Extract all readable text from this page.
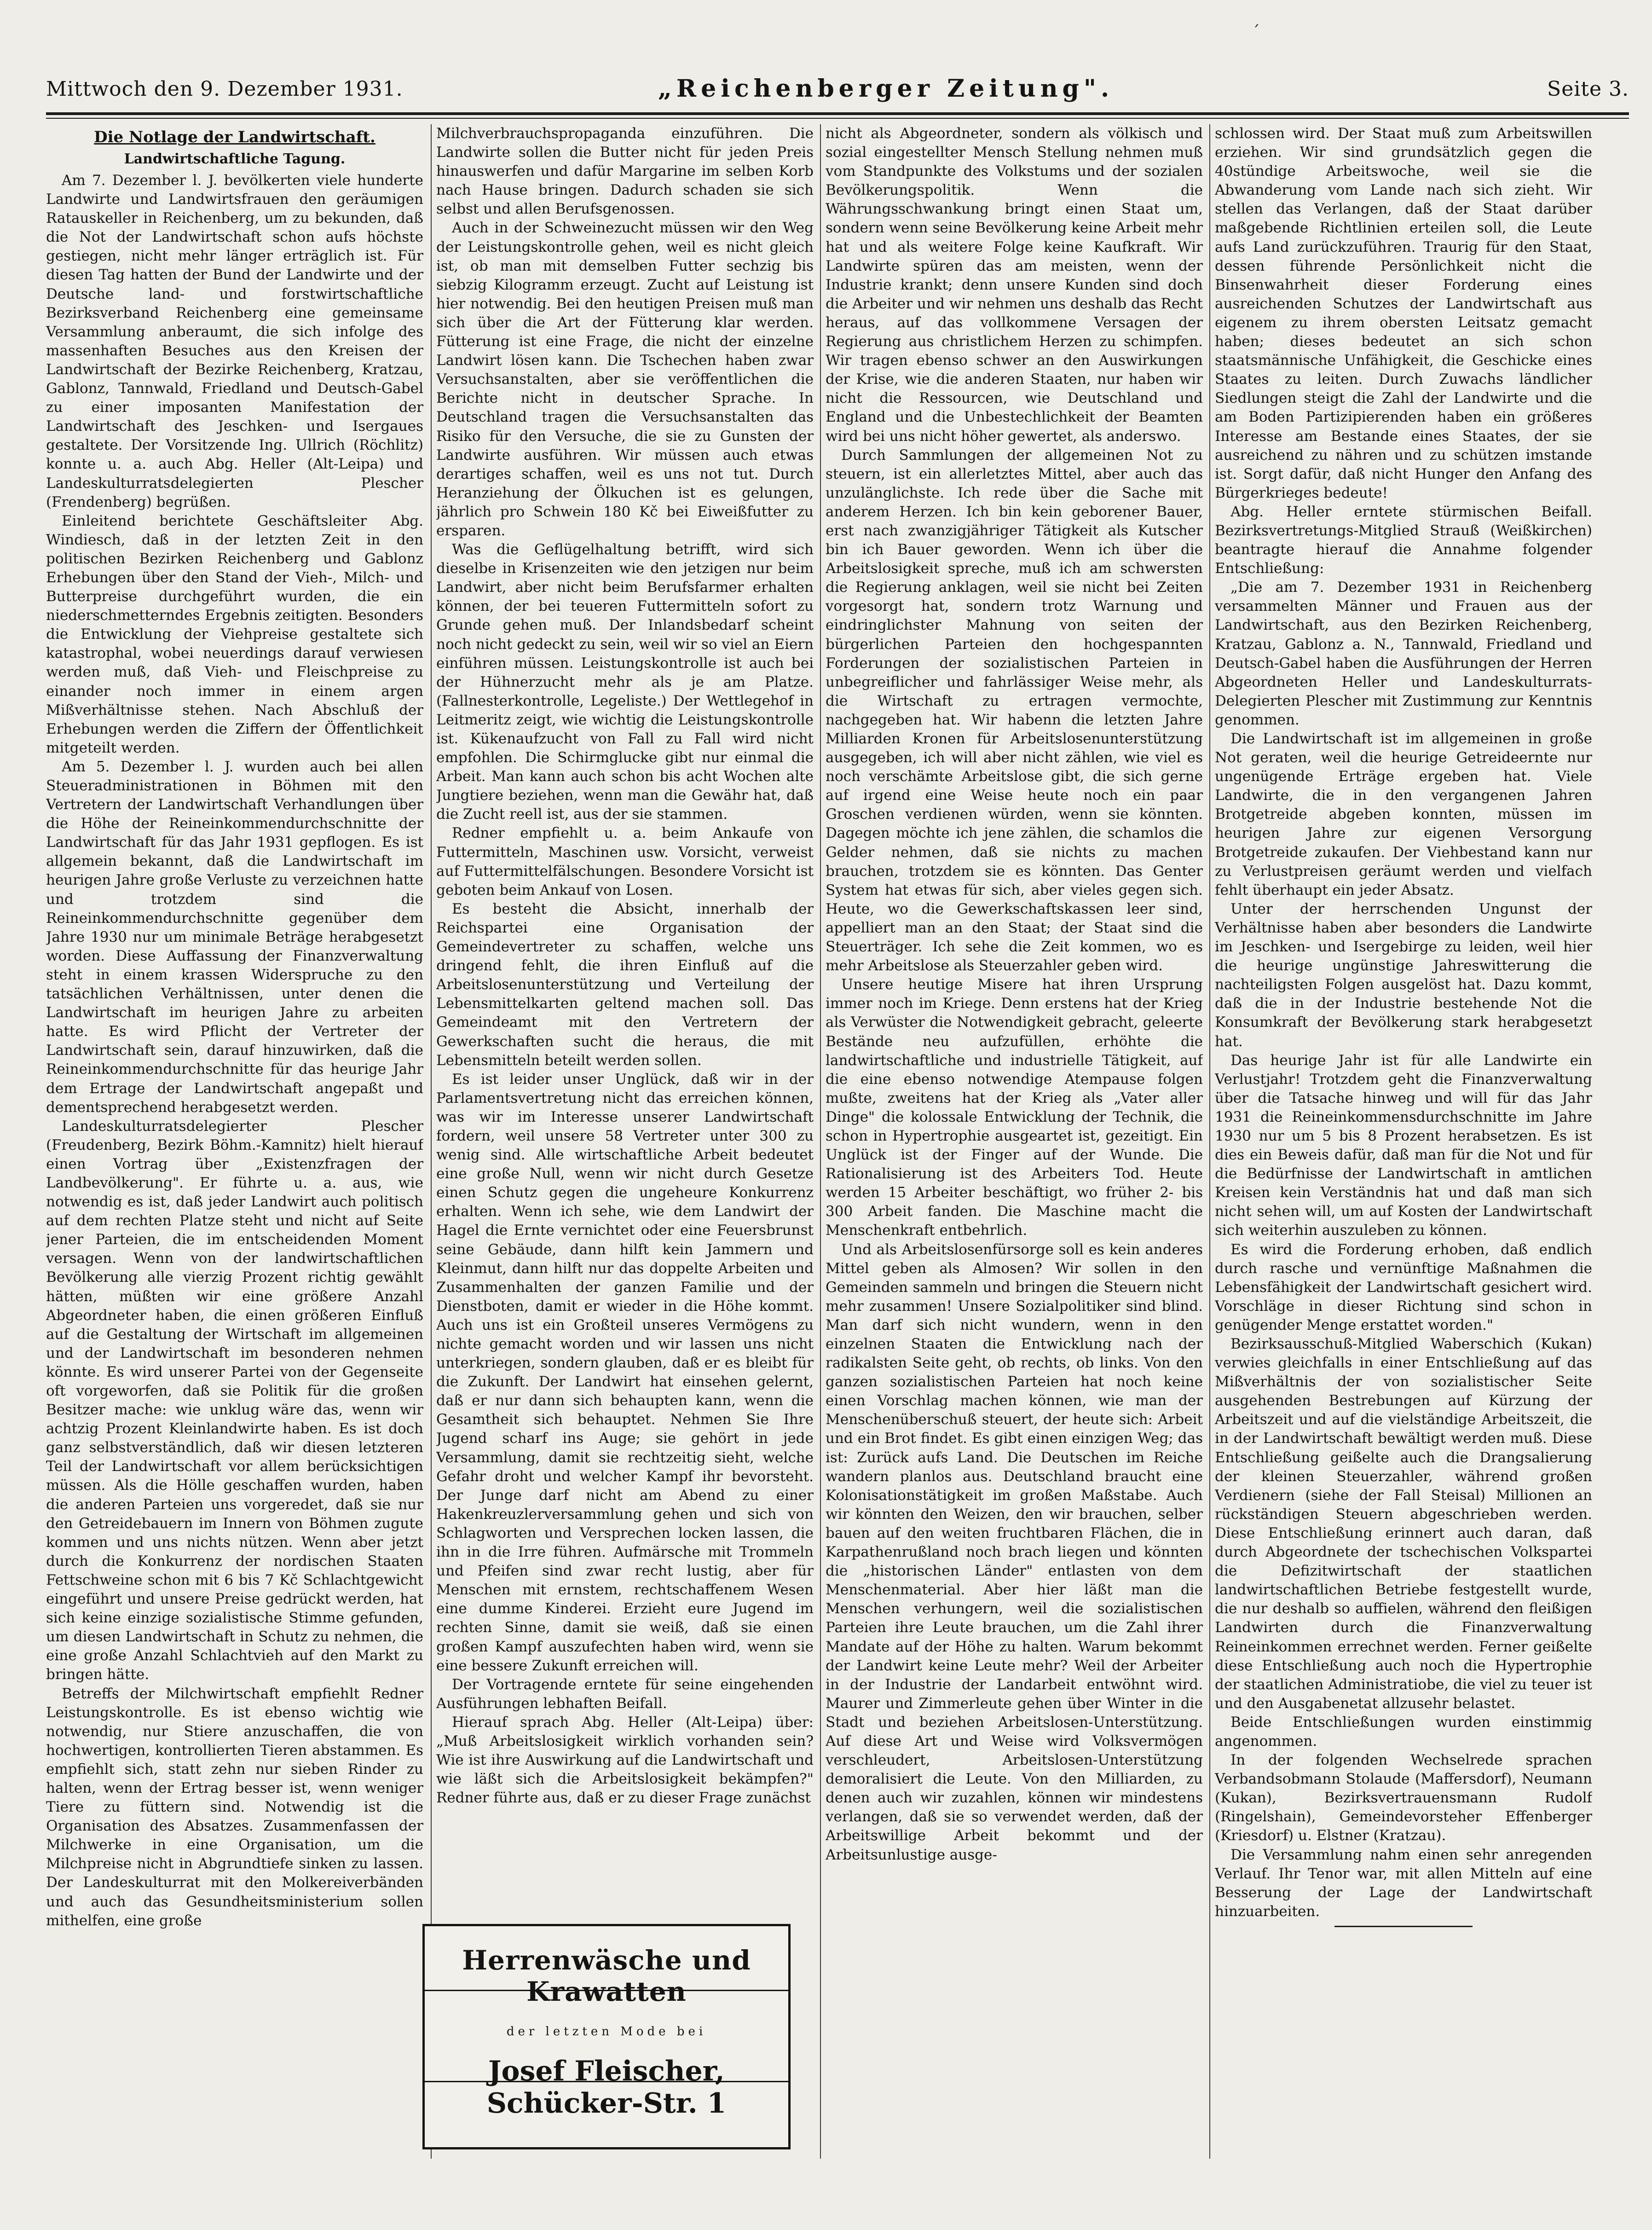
ˊ
Mittwoch den 9. Dezember 1931.	„Reichenberger Zeitung".	Seite 3.
Die Notlage der Landwirtschaft.
Landwirtschaftliche Tagung.

Am 7. Dezember l. J. bevölkerten viele hunderte Landwirte und Landwirtsfrauen den geräumigen Ratauskeller in Reichenberg, um zu bekunden, daß die Not der Landwirtschaft schon aufs höchste gestiegen, nicht mehr länger erträglich ist. Für diesen Tag hatten der Bund der Landwirte und der Deutsche land- und forstwirtschaftliche Bezirksverband Reichenberg eine gemeinsame Versammlung anberaumt, die sich infolge des massenhaften Besuches aus den Kreisen der Landwirtschaft der Bezirke Reichenberg, Kratzau, Gablonz, Tannwald, Friedland und Deutsch-Gabel zu einer imposanten Manifestation der Landwirtschaft des Jeschken- und Isergaues gestaltete. Der Vorsitzende Ing. Ullrich (Röchlitz) konnte u. a. auch Abg. Heller (Alt-Leipa) und Landeskulturratsdelegierten Plescher (Frendenberg) begrüßen.

Einleitend berichtete Geschäftsleiter Abg. Windiesch, daß in der letzten Zeit in den politischen Bezirken Reichenberg und Gablonz Erhebungen über den Stand der Vieh-, Milch- und Butterpreise durchgeführt wurden, die ein niederschmetterndes Ergebnis zeitigten. Besonders die Entwicklung der Viehpreise gestaltete sich katastrophal, wobei neuerdings darauf verwiesen werden muß, daß Vieh- und Fleischpreise zu einander noch immer in einem argen Mißverhältnisse stehen. Nach Abschluß der Erhebungen werden die Ziffern der Öffentlichkeit mitgeteilt werden.

Am 5. Dezember l. J. wurden auch bei allen Steueradministrationen in Böhmen mit den Vertretern der Landwirtschaft Verhandlungen über die Höhe der Reineinkommendurchschnitte der Landwirtschaft für das Jahr 1931 gepflogen. Es ist allgemein bekannt, daß die Landwirtschaft im heurigen Jahre große Verluste zu verzeichnen hatte und trotzdem sind die Reineinkommendurchschnitte gegenüber dem Jahre 1930 nur um minimale Beträge herabgesetzt worden. Diese Auffassung der Finanzverwaltung steht in einem krassen Widerspruche zu den tatsächlichen Verhältnissen, unter denen die Landwirtschaft im heurigen Jahre zu arbeiten hatte. Es wird Pflicht der Vertreter der Landwirtschaft sein, darauf hinzuwirken, daß die Reineinkommendurchschnitte für das heurige Jahr dem Ertrage der Landwirtschaft angepaßt und dementsprechend herabgesetzt werden.

Landeskulturratsdelegierter Plescher (Freudenberg, Bezirk Böhm.-Kamnitz) hielt hierauf einen Vortrag über „Existenzfragen der Landbevölkerung". Er führte u. a. aus, wie notwendig es ist, daß jeder Landwirt auch politisch auf dem rechten Platze steht und nicht auf Seite jener Parteien, die im entscheidenden Moment versagen. Wenn von der landwirtschaftlichen Bevölkerung alle vierzig Prozent richtig gewählt hätten, müßten wir eine größere Anzahl Abgeordneter haben, die einen größeren Einfluß auf die Gestaltung der Wirtschaft im allgemeinen und der Landwirtschaft im besonderen nehmen könnte. Es wird unserer Partei von der Gegenseite oft vorgeworfen, daß sie Politik für die großen Besitzer mache: wie unklug wäre das, wenn wir achtzig Prozent Kleinlandwirte haben. Es ist doch ganz selbstverständlich, daß wir diesen letzteren Teil der Landwirtschaft vor allem berücksichtigen müssen. Als die Hölle geschaffen wurden, haben die anderen Parteien uns vorgeredet, daß sie nur den Getreidebauern im Innern von Böhmen zugute kommen und uns nichts nützen. Wenn aber jetzt durch die Konkurrenz der nordischen Staaten Fettschweine schon mit 6 bis 7 Kč Schlachtgewicht eingeführt und unsere Preise gedrückt werden, hat sich keine einzige sozialistische Stimme gefunden, um diesen Landwirtschaft in Schutz zu nehmen, die eine große Anzahl Schlachtvieh auf den Markt zu bringen hätte.

Betreffs der Milchwirtschaft empfiehlt Redner Leistungskontrolle. Es ist ebenso wichtig wie notwendig, nur Stiere anzuschaffen, die von hochwertigen, kontrollierten Tieren abstammen. Es empfiehlt sich, statt zehn nur sieben Rinder zu halten, wenn der Ertrag besser ist, wenn weniger Tiere zu füttern sind. Notwendig ist die Organisation des Absatzes. Zusammenfassen der Milchwerke in eine Organisation, um die Milchpreise nicht in Abgrundtiefe sinken zu lassen. Der Landeskulturrat mit den Molkereiverbänden und auch das Gesundheitsministerium sollen mithelfen, eine große

Milchverbrauchspropaganda einzuführen. Die Landwirte sollen die Butter nicht für jeden Preis hinauswerfen und dafür Margarine im selben Korb nach Hause bringen. Dadurch schaden sie sich selbst und allen Berufsgenossen.

Auch in der Schweinezucht müssen wir den Weg der Leistungskontrolle gehen, weil es nicht gleich ist, ob man mit demselben Futter sechzig bis siebzig Kilogramm erzeugt. Zucht auf Leistung ist hier notwendig. Bei den heutigen Preisen muß man sich über die Art der Fütterung klar werden. Fütterung ist eine Frage, die nicht der einzelne Landwirt lösen kann. Die Tschechen haben zwar Versuchsanstalten, aber sie veröffentlichen die Berichte nicht in deutscher Sprache. In Deutschland tragen die Versuchsanstalten das Risiko für den Versuche, die sie zu Gunsten der Landwirte ausführen. Wir müssen auch etwas derartiges schaffen, weil es uns not tut. Durch Heranziehung der Ölkuchen ist es gelungen, jährlich pro Schwein 180 Kč bei Eiweißfutter zu ersparen.

Was die Geflügelhaltung betrifft, wird sich dieselbe in Krisenzeiten wie den jetzigen nur beim Landwirt, aber nicht beim Berufsfarmer erhalten können, der bei teueren Futtermitteln sofort zu Grunde gehen muß. Der Inlandsbedarf scheint noch nicht gedeckt zu sein, weil wir so viel an Eiern einführen müssen. Leistungskontrolle ist auch bei der Hühnerzucht mehr als je am Platze. (Fallnesterkontrolle, Legeliste.) Der Wettlegehof in Leitmeritz zeigt, wie wichtig die Leistungskontrolle ist. Kükenaufzucht von Fall zu Fall wird nicht empfohlen. Die Schirmglucke gibt nur einmal die Arbeit. Man kann auch schon bis acht Wochen alte Jungtiere beziehen, wenn man die Gewähr hat, daß die Zucht reell ist, aus der sie stammen.

Redner empfiehlt u. a. beim Ankaufe von Futtermitteln, Maschinen usw. Vorsicht, verweist auf Futtermittelfälschungen. Besondere Vorsicht ist geboten beim Ankauf von Losen.

Es besteht die Absicht, innerhalb der Reichspartei eine Organisation der Gemeindevertreter zu schaffen, welche uns dringend fehlt, die ihren Einfluß auf die Arbeitslosenunterstützung und Verteilung der Lebensmittelkarten geltend machen soll. Das Gemeindeamt mit den Vertretern der Gewerkschaften sucht die heraus, die mit Lebensmitteln beteilt werden sollen.

Es ist leider unser Unglück, daß wir in der Parlamentsvertretung nicht das erreichen können, was wir im Interesse unserer Landwirtschaft fordern, weil unsere 58 Vertreter unter 300 zu wenig sind. Alle wirtschaftliche Arbeit bedeutet eine große Null, wenn wir nicht durch Gesetze einen Schutz gegen die ungeheure Konkurrenz erhalten. Wenn ich sehe, wie dem Landwirt der Hagel die Ernte vernichtet oder eine Feuersbrunst seine Gebäude, dann hilft kein Jammern und Kleinmut, dann hilft nur das doppelte Arbeiten und Zusammenhalten der ganzen Familie und der Dienstboten, damit er wieder in die Höhe kommt. Auch uns ist ein Großteil unseres Vermögens zu nichte gemacht worden und wir lassen uns nicht unterkriegen, sondern glauben, daß er es bleibt für die Zukunft. Der Landwirt hat einsehen gelernt, daß er nur dann sich behaupten kann, wenn die Gesamtheit sich behauptet. Nehmen Sie Ihre Jugend scharf ins Auge; sie gehört in jede Versammlung, damit sie rechtzeitig sieht, welche Gefahr droht und welcher Kampf ihr bevorsteht. Der Junge darf nicht am Abend zu einer Hakenkreuzlerversammlung gehen und sich von Schlagworten und Versprechen locken lassen, die ihn in die Irre führen. Aufmärsche mit Trommeln und Pfeifen sind zwar recht lustig, aber für Menschen mit ernstem, rechtschaffenem Wesen eine dumme Kinderei. Erzieht eure Jugend im rechten Sinne, damit sie weiß, daß sie einen großen Kampf auszufechten haben wird, wenn sie eine bessere Zukunft erreichen will.

Der Vortragende erntete für seine eingehenden Ausführungen lebhaften Beifall.

Hierauf sprach Abg. Heller (Alt-Leipa) über: „Muß Arbeitslosigkeit wirklich vorhanden sein? Wie ist ihre Auswirkung auf die Landwirtschaft und wie läßt sich die Arbeitslosigkeit bekämpfen?" Redner führte aus, daß er zu dieser Frage zunächst

Herrenwäsche und Krawatten
der letzten Mode bei
Josef Fleischer, Schücker-Str. 1

nicht als Abgeordneter, sondern als völkisch und sozial eingestellter Mensch Stellung nehmen muß vom Standpunkte des Volkstums und der sozialen Bevölkerungspolitik. Wenn die Währungsschwankung bringt einen Staat um, sondern wenn seine Bevölkerung keine Arbeit mehr hat und als weitere Folge keine Kaufkraft. Wir Landwirte spüren das am meisten, wenn der Industrie krankt; denn unsere Kunden sind doch die Arbeiter und wir nehmen uns deshalb das Recht heraus, auf das vollkommene Versagen der Regierung aus christlichem Herzen zu schimpfen. Wir tragen ebenso schwer an den Auswirkungen der Krise, wie die anderen Staaten, nur haben wir nicht die Ressourcen, wie Deutschland und England und die Unbestechlichkeit der Beamten wird bei uns nicht höher gewertet, als anderswo.

Durch Sammlungen der allgemeinen Not zu steuern, ist ein allerletztes Mittel, aber auch das unzulänglichste. Ich rede über die Sache mit anderem Herzen. Ich bin kein geborener Bauer, erst nach zwanzigjähriger Tätigkeit als Kutscher bin ich Bauer geworden. Wenn ich über die Arbeitslosigkeit spreche, muß ich am schwersten die Regierung anklagen, weil sie nicht bei Zeiten vorgesorgt hat, sondern trotz Warnung und eindringlichster Mahnung von seiten der bürgerlichen Parteien den hochgespannten Forderungen der sozialistischen Parteien in unbegreiflicher und fahrlässiger Weise mehr, als die Wirtschaft zu ertragen vermochte, nachgegeben hat. Wir habenn die letzten Jahre Milliarden Kronen für Arbeitslosenunterstützung ausgegeben, ich will aber nicht zählen, wie viel es noch verschämte Arbeitslose gibt, die sich gerne auf irgend eine Weise heute noch ein paar Groschen verdienen würden, wenn sie könnten. Dagegen möchte ich jene zählen, die schamlos die Gelder nehmen, daß sie nichts zu machen brauchen, trotzdem sie es könnten. Das Genter System hat etwas für sich, aber vieles gegen sich. Heute, wo die Gewerkschaftskassen leer sind, appelliert man an den Staat; der Staat sind die Steuerträger. Ich sehe die Zeit kommen, wo es mehr Arbeitslose als Steuerzahler geben wird.

Unsere heutige Misere hat ihren Ursprung immer noch im Kriege. Denn erstens hat der Krieg als Verwüster die Notwendigkeit gebracht, geleerte Bestände neu aufzufüllen, erhöhte die landwirtschaftliche und industrielle Tätigkeit, auf die eine ebenso notwendige Atempause folgen mußte, zweitens hat der Krieg als „Vater aller Dinge" die kolossale Entwicklung der Technik, die schon in Hypertrophie ausgeartet ist, gezeitigt. Ein Unglück ist der Finger auf der Wunde. Die Rationalisierung ist des Arbeiters Tod. Heute werden 15 Arbeiter beschäftigt, wo früher 2- bis 300 Arbeit fanden. Die Maschine macht die Menschenkraft entbehrlich.

Und als Arbeitslosenfürsorge soll es kein anderes Mittel geben als Almosen? Wir sollen in den Gemeinden sammeln und bringen die Steuern nicht mehr zusammen! Unsere Sozialpolitiker sind blind. Man darf sich nicht wundern, wenn in den einzelnen Staaten die Entwicklung nach der radikalsten Seite geht, ob rechts, ob links. Von den ganzen sozialistischen Parteien hat noch keine einen Vorschlag machen können, wie man der Menschenüberschuß steuert, der heute sich: Arbeit und ein Brot findet. Es gibt einen einzigen Weg; das ist: Zurück aufs Land. Die Deutschen im Reiche wandern planlos aus. Deutschland braucht eine Kolonisationstätigkeit im großen Maßstabe. Auch wir könnten den Weizen, den wir brauchen, selber bauen auf den weiten fruchtbaren Flächen, die in Karpathenrußland noch brach liegen und könnten die „historischen Länder" entlasten von dem Menschenmaterial. Aber hier läßt man die Menschen verhungern, weil die sozialistischen Parteien ihre Leute brauchen, um die Zahl ihrer Mandate auf der Höhe zu halten. Warum bekommt der Landwirt keine Leute mehr? Weil der Arbeiter in der Industrie der Landarbeit entwöhnt wird. Maurer und Zimmerleute gehen über Winter in die Stadt und beziehen Arbeitslosen-Unterstützung. Auf diese Art und Weise wird Volksvermögen verschleudert, Arbeitslosen-Unterstützung demoralisiert die Leute. Von den Milliarden, zu denen auch wir zuzahlen, können wir mindestens verlangen, daß sie so verwendet werden, daß der Arbeitswillige Arbeit bekommt und der Arbeitsunlustige ausge-

schlossen wird. Der Staat muß zum Arbeitswillen erziehen. Wir sind grundsätzlich gegen die 40stündige Arbeitswoche, weil sie die Abwanderung vom Lande nach sich zieht. Wir stellen das Verlangen, daß der Staat darüber maßgebende Richtlinien erteilen soll, die Leute aufs Land zurückzuführen. Traurig für den Staat, dessen führende Persönlichkeit nicht die Binsenwahrheit dieser Forderung eines ausreichenden Schutzes der Landwirtschaft aus eigenem zu ihrem obersten Leitsatz gemacht haben; dieses bedeutet an sich schon staatsmännische Unfähigkeit, die Geschicke eines Staates zu leiten. Durch Zuwachs ländlicher Siedlungen steigt die Zahl der Landwirte und die am Boden Partizipierenden haben ein größeres Interesse am Bestande eines Staates, der sie ausreichend zu nähren und zu schützen imstande ist. Sorgt dafür, daß nicht Hunger den Anfang des Bürgerkrieges bedeute!

Abg. Heller erntete stürmischen Beifall. Bezirksvertretungs-Mitglied Strauß (Weißkirchen) beantragte hierauf die Annahme folgender Entschließung:

„Die am 7. Dezember 1931 in Reichenberg versammelten Männer und Frauen aus der Landwirtschaft, aus den Bezirken Reichenberg, Kratzau, Gablonz a. N., Tannwald, Friedland und Deutsch-Gabel haben die Ausführungen der Herren Abgeordneten Heller und Landeskulturrats-Delegierten Plescher mit Zustimmung zur Kenntnis genommen.

Die Landwirtschaft ist im allgemeinen in große Not geraten, weil die heurige Getreideernte nur ungenügende Erträge ergeben hat. Viele Landwirte, die in den vergangenen Jahren Brotgetreide abgeben konnten, müssen im heurigen Jahre zur eigenen Versorgung Brotgetreide zukaufen. Der Viehbestand kann nur zu Verlustpreisen geräumt werden und vielfach fehlt überhaupt ein jeder Absatz.

Unter der herrschenden Ungunst der Verhältnisse haben aber besonders die Landwirte im Jeschken- und Isergebirge zu leiden, weil hier die heurige ungünstige Jahreswitterung die nachteiligsten Folgen ausgelöst hat. Dazu kommt, daß die in der Industrie bestehende Not die Konsumkraft der Bevölkerung stark herabgesetzt hat.

Das heurige Jahr ist für alle Landwirte ein Verlustjahr! Trotzdem geht die Finanzverwaltung über die Tatsache hinweg und will für das Jahr 1931 die Reineinkommensdurchschnitte im Jahre 1930 nur um 5 bis 8 Prozent herabsetzen. Es ist dies ein Beweis dafür, daß man für die Not und für die Bedürfnisse der Landwirtschaft in amtlichen Kreisen kein Verständnis hat und daß man sich nicht sehen will, um auf Kosten der Landwirtschaft sich weiterhin auszuleben zu können.

Es wird die Forderung erhoben, daß endlich durch rasche und vernünftige Maßnahmen die Lebensfähigkeit der Landwirtschaft gesichert wird. Vorschläge in dieser Richtung sind schon in genügender Menge erstattet worden."

Bezirksausschuß-Mitglied Waberschich (Kukan) verwies gleichfalls in einer Entschließung auf das Mißverhältnis der von sozialistischer Seite ausgehenden Bestrebungen auf Kürzung der Arbeitszeit und auf die vielständige Arbeitszeit, die in der Landwirtschaft bewältigt werden muß. Diese Entschließung geißelte auch die Drangsalierung der kleinen Steuerzahler, während großen Verdienern (siehe der Fall Steisal) Millionen an rückständigen Steuern abgeschrieben werden. Diese Entschließung erinnert auch daran, daß durch Abgeordnete der tschechischen Volkspartei die Defizitwirtschaft der staatlichen landwirtschaftlichen Betriebe festgestellt wurde, die nur deshalb so auffielen, während den fleißigen Landwirten durch die Finanzverwaltung Reineinkommen errechnet werden. Ferner geißelte diese Entschließung auch noch die Hypertrophie der staatlichen Administratiobe, die viel zu teuer ist und den Ausgabenetat allzusehr belastet.

Beide Entschließungen wurden einstimmig angenommen.

In der folgenden Wechselrede sprachen Verbandsobmann Stolaude (Maffersdorf), Neumann (Kukan), Bezirksvertrauensmann Rudolf (Ringelshain), Gemeindevorsteher Effenberger (Kriesdorf) u. Elstner (Kratzau).

Die Versammlung nahm einen sehr anregenden Verlauf. Ihr Tenor war, mit allen Mitteln auf eine Besserung der Lage der Landwirtschaft hinzuarbeiten.
